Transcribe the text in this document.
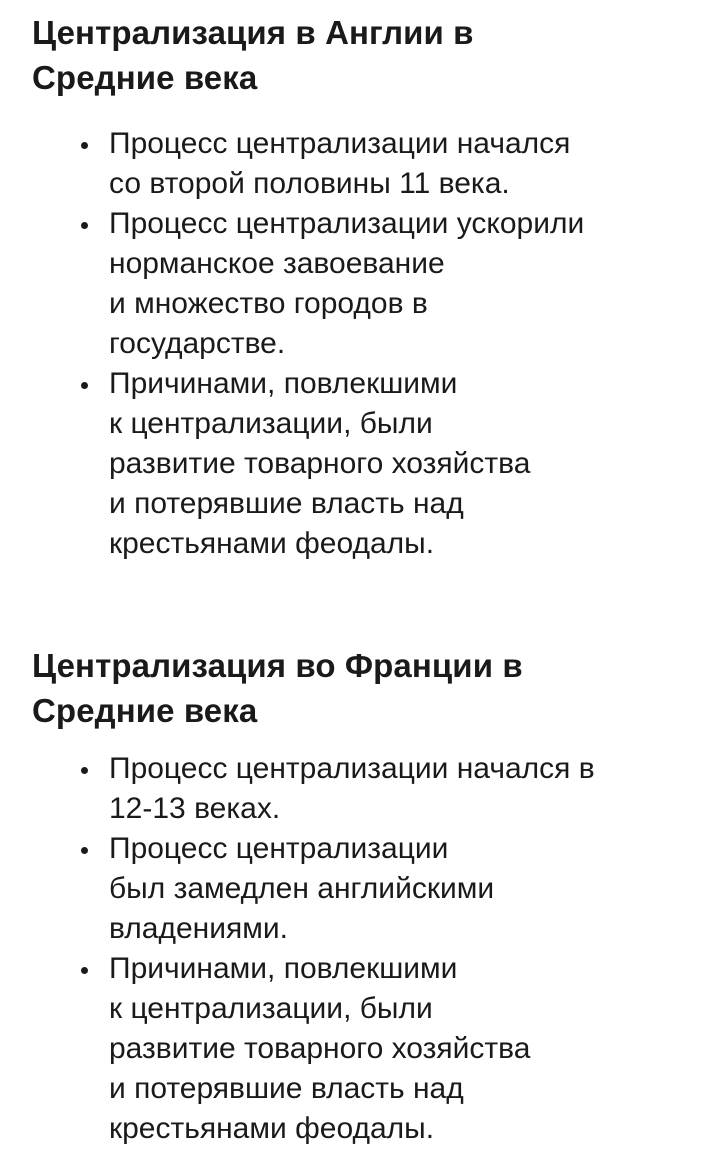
Централизация в Англии в
Средние века
Процесс централизации начался
со второй половины 11 века.
Процесс централизации ускорили
норманское завоевание
и множество городов в
государстве.
Причинами, повлекшими
к централизации, были
развитие товарного хозяйства
и потерявшие власть над
крестьянами феодалы.
Централизация во Франции в
Средние века
Процесс централизации начался в
12-13 веках.
Процесс централизации
был замедлен английскими
владениями.
Причинами, повлекшими
к централизации, были
развитие товарного хозяйства
и потерявшие власть над
крестьянами феодалы.
